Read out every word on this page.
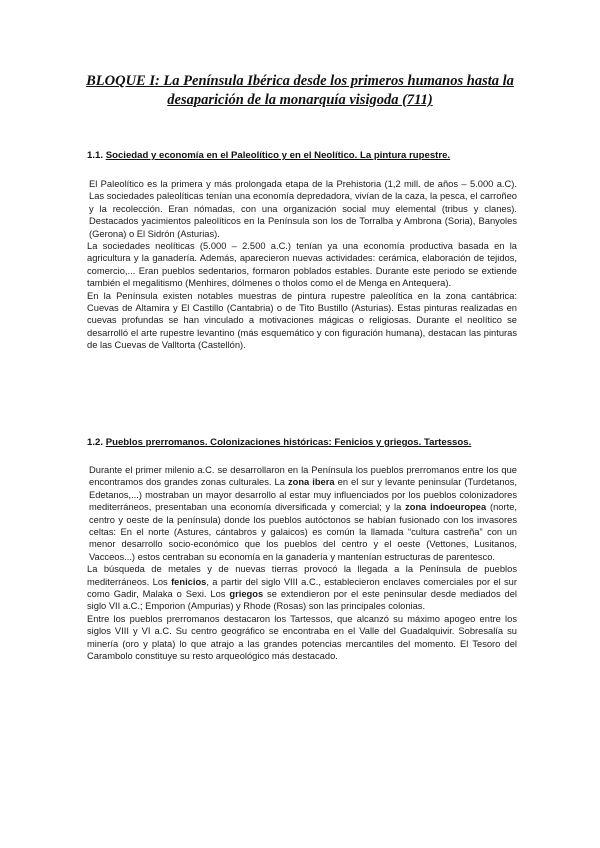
BLOQUE I: La Península Ibérica desde los primeros humanos hasta la
desaparición de la monarquía visigoda (711)
1.1. Sociedad y economía en el Paleolítico y en el Neolítico. La pintura rupestre.

El Paleolítico es la primera y más prolongada etapa de la Prehistoria (1,2 mill. de años – 5.000 a.C). Las sociedades paleolíticas tenían una economía depredadora, vivían de la caza, la pesca, el carroñeo y la recolección. Eran nómadas, con una organización social muy elemental (tribus y clanes). Destacados yacimientos paleolíticos en la Península son los de Torralba y Ambrona (Soria), Banyoles (Gerona) o El Sidrón (Asturias).

La sociedades neolíticas (5.000 – 2.500 a.C.) tenían ya una economía productiva basada en la agricultura y la ganadería. Además, aparecieron nuevas actividades: cerámica, elaboración de tejidos, comercio,... Eran pueblos sedentarios, formaron poblados estables. Durante este periodo se extiende también el megalitismo (Menhires, dólmenes o tholos como el de Menga en Antequera).

En la Península existen notables muestras de pintura rupestre paleolítica en la zona cantábrica: Cuevas de Altamira y El Castillo (Cantabria) o de Tito Bustillo (Asturias). Estas pinturas realizadas en cuevas profundas se han vinculado a motivaciones mágicas o religiosas. Durante el neolítico se desarrolló el arte rupestre levantino (más esquemático y con figuración humana), destacan las pinturas de las Cuevas de Valltorta (Castellón).

1.2. Pueblos prerromanos. Colonizaciones históricas: Fenicios y griegos. Tartessos.

Durante el primer milenio a.C. se desarrollaron en la Península los pueblos prerromanos entre los que encontramos dos grandes zonas culturales. La zona ibera en el sur y levante peninsular (Turdetanos, Edetanos,...) mostraban un mayor desarrollo al estar muy influenciados por los pueblos colonizadores mediterráneos, presentaban una economía diversificada y comercial; y la zona indoeuropea (norte, centro y oeste de la península) donde los pueblos autóctonos se habían fusionado con los invasores celtas: En el norte (Astures, cántabros y galaicos) es común la llamada “cultura castreña” con un menor desarrollo socio-económico que los pueblos del centro y el oeste (Vettones, Lusitanos, Vacceos...) estos centraban su economía en la ganadería y mantenían estructuras de parentesco.

La búsqueda de metales y de nuevas tierras provocó la llegada a la Península de pueblos mediterráneos. Los fenicios, a partir del siglo VIII a.C., establecieron enclaves comerciales por el sur como Gadir, Malaka o Sexi. Los griegos se extendieron por el este peninsular desde mediados del siglo VII a.C.; Emporion (Ampurias) y Rhode (Rosas) son las principales colonias.

Entre los pueblos prerromanos destacaron los Tartessos, que alcanzó su máximo apogeo entre los siglos VIII y VI a.C. Su centro geográfico se encontraba en el Valle del Guadalquivir. Sobresalía su minería (oro y plata) lo que atrajo a las grandes potencias mercantiles del momento. El Tesoro del Carambolo constituye su resto arqueológico más destacado.
